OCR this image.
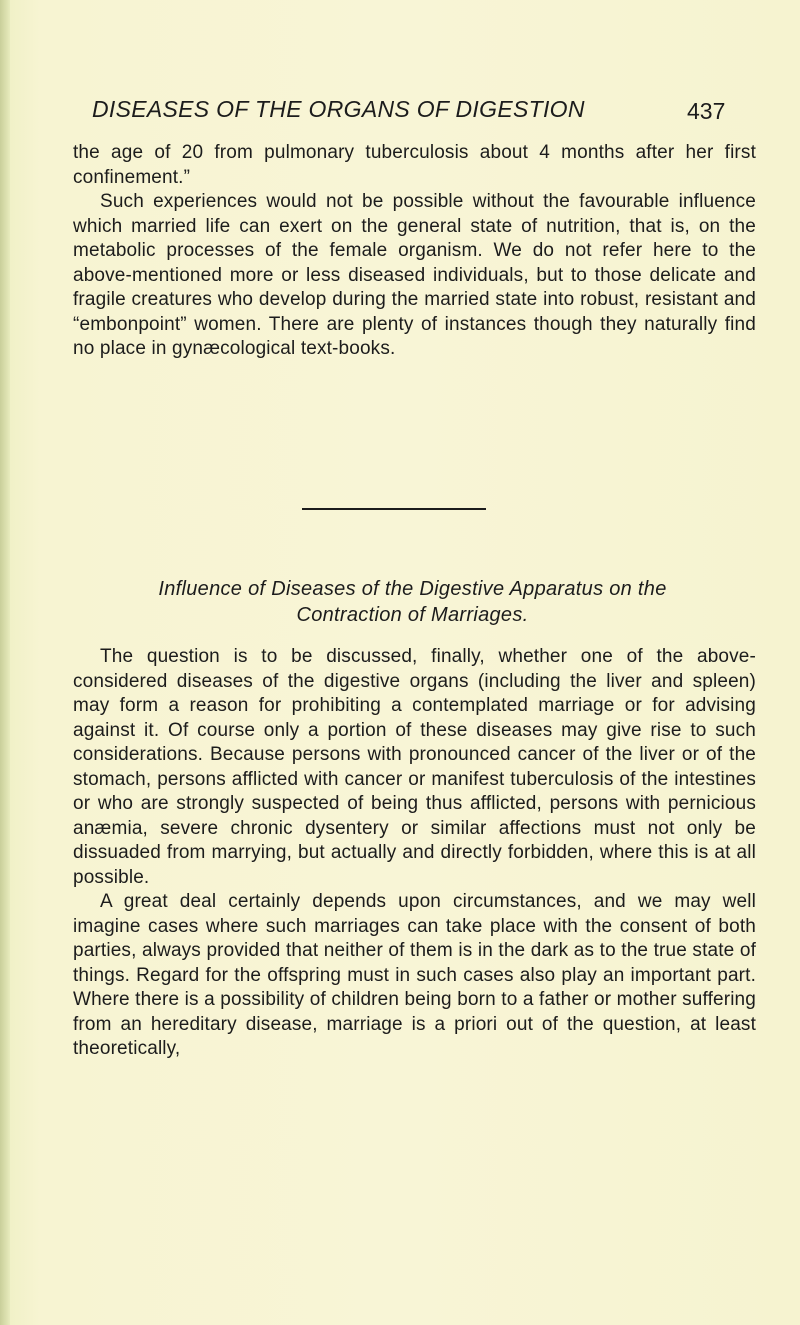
DISEASES OF THE ORGANS OF DIGESTION	437

the age of 20 from pulmonary tuberculosis about 4 months after her first confinement.”

Such experiences would not be possible without the favourable influence which married life can exert on the general state of nutrition, that is, on the metabolic processes of the female organism. We do not refer here to the above-mentioned more or less diseased individuals, but to those delicate and fragile creatures who develop during the married state into robust, resistant and “embonpoint” women. There are plenty of instances though they naturally find no place in gynæcological text-books.

Influence of Diseases of the Digestive Apparatus on the
Contraction of Marriages.

The question is to be discussed, finally, whether one of the above-considered diseases of the digestive organs (including the liver and spleen) may form a reason for prohibiting a contemplated marriage or for advising against it. Of course only a portion of these diseases may give rise to such considerations. Because persons with pronounced cancer of the liver or of the stomach, persons afflicted with cancer or manifest tuberculosis of the intestines or who are strongly suspected of being thus afflicted, persons with pernicious anæmia, severe chronic dysentery or similar affections must not only be dissuaded from marrying, but actually and directly forbidden, where this is at all possible.

A great deal certainly depends upon circumstances, and we may well imagine cases where such marriages can take place with the consent of both parties, always provided that neither of them is in the dark as to the true state of things. Regard for the offspring must in such cases also play an important part. Where there is a possibility of children being born to a father or mother suffering from an hereditary disease, marriage is a priori out of the question, at least theoretically,
